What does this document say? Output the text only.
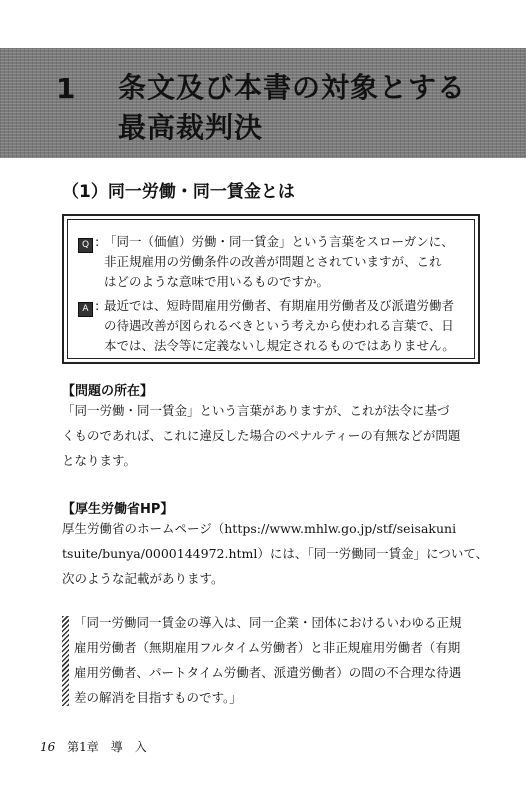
1 条文及び本書の対象とする
最高裁判決
（1）同一労働・同一賃金とは
Q : 「同一（価値）労働・同一賃金」という言葉をスローガンに、
非正規雇用の労働条件の改善が問題とされていますが、これ
はどのような意味で用いるものですか。
A : 最近では、短時間雇用労働者、有期雇用労働者及び派遣労働者
の待遇改善が図られるべきという考えから使われる言葉で、日
本では、法令等に定義ないし規定されるものではありません。
【問題の所在】
「同一労働・同一賃金」という言葉がありますが、これが法令に基づ
くものであれば、これに違反した場合のペナルティーの有無などが問題
となります。
【厚生労働省HP】
厚生労働省のホームページ（https://www.mhlw.go.jp/stf/seisakuni
tsuite/bunya/0000144972.html）には、「同一労働同一賃金」について、
次のような記載があります。
「同一労働同一賃金の導入は、同一企業・団体におけるいわゆる正規
雇用労働者（無期雇用フルタイム労働者）と非正規雇用労働者（有期
雇用労働者、パートタイム労働者、派遣労働者）の間の不合理な待遇
差の解消を目指すものです。」
16 第1章　導　入
